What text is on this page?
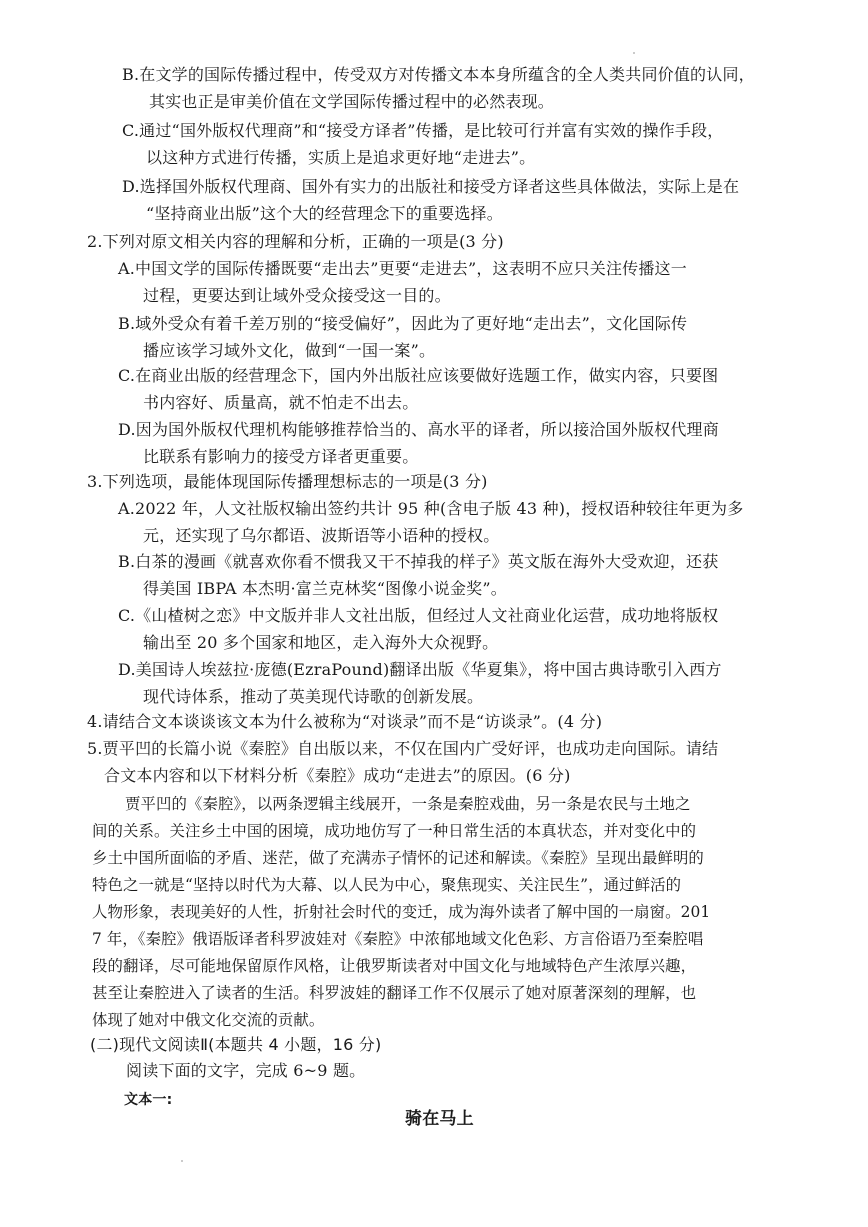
B.在文学的国际传播过程中，传受双方对传播文本本身所蕴含的全人类共同价值的认同，
其实也正是审美价值在文学国际传播过程中的必然表现。
C.通过“国外版权代理商”和“接受方译者”传播，是比较可行并富有实效的操作手段，
以这种方式进行传播，实质上是追求更好地“走进去”。
D.选择国外版权代理商、国外有实力的出版社和接受方译者这些具体做法，实际上是在
“坚持商业出版”这个大的经营理念下的重要选择。
2.下列对原文相关内容的理解和分析，正确的一项是(3 分)
A.中国文学的国际传播既要“走出去”更要“走进去”，这表明不应只关注传播这一
过程，更要达到让域外受众接受这一目的。
B.域外受众有着千差万别的“接受偏好”，因此为了更好地“走出去”，文化国际传
播应该学习域外文化，做到“一国一案”。
C.在商业出版的经营理念下，国内外出版社应该要做好选题工作，做实内容，只要图
书内容好、质量高，就不怕走不出去。
D.因为国外版权代理机构能够推荐恰当的、高水平的译者，所以接洽国外版权代理商
比联系有影响力的接受方译者更重要。
3.下列选项，最能体现国际传播理想标志的一项是(3 分)
A.2022 年，人文社版权输出签约共计 95 种(含电子版 43 种)，授权语种较往年更为多
元，还实现了乌尔都语、波斯语等小语种的授权。
B.白茶的漫画《就喜欢你看不惯我又干不掉我的样子》英文版在海外大受欢迎，还获
得美国 IBPA 本杰明·富兰克林奖“图像小说金奖”。
C.《山楂树之恋》中文版并非人文社出版，但经过人文社商业化运营，成功地将版权
输出至 20 多个国家和地区，走入海外大众视野。
D.美国诗人埃兹拉·庞德(EzraPound)翻译出版《华夏集》，将中国古典诗歌引入西方
现代诗体系，推动了英美现代诗歌的创新发展。
4.请结合文本谈谈该文本为什么被称为“对谈录”而不是“访谈录”。(4 分)
5.贾平凹的长篇小说《秦腔》自出版以来，不仅在国内广受好评，也成功走向国际。请结
合文本内容和以下材料分析《秦腔》成功“走进去”的原因。(6 分)
贾平凹的《秦腔》，以两条逻辑主线展开，一条是秦腔戏曲，另一条是农民与土地之
间的关系。关注乡土中国的困境，成功地仿写了一种日常生活的本真状态，并对变化中的
乡土中国所面临的矛盾、迷茫，做了充满赤子情怀的记述和解读。《秦腔》呈现出最鲜明的
特色之一就是“坚持以时代为大幕、以人民为中心，聚焦现实、关注民生”，通过鲜活的
人物形象，表现美好的人性，折射社会时代的变迁，成为海外读者了解中国的一扇窗。201
7 年，《秦腔》俄语版译者科罗波娃对《秦腔》中浓郁地域文化色彩、方言俗语乃至秦腔唱
段的翻译，尽可能地保留原作风格，让俄罗斯读者对中国文化与地域特色产生浓厚兴趣，
甚至让秦腔进入了读者的生活。科罗波娃的翻译工作不仅展示了她对原著深刻的理解，也
体现了她对中俄文化交流的贡献。
(二)现代文阅读Ⅱ(本题共 4 小题，16 分)
阅读下面的文字，完成 6~9 题。
文本一:
骑在马上
